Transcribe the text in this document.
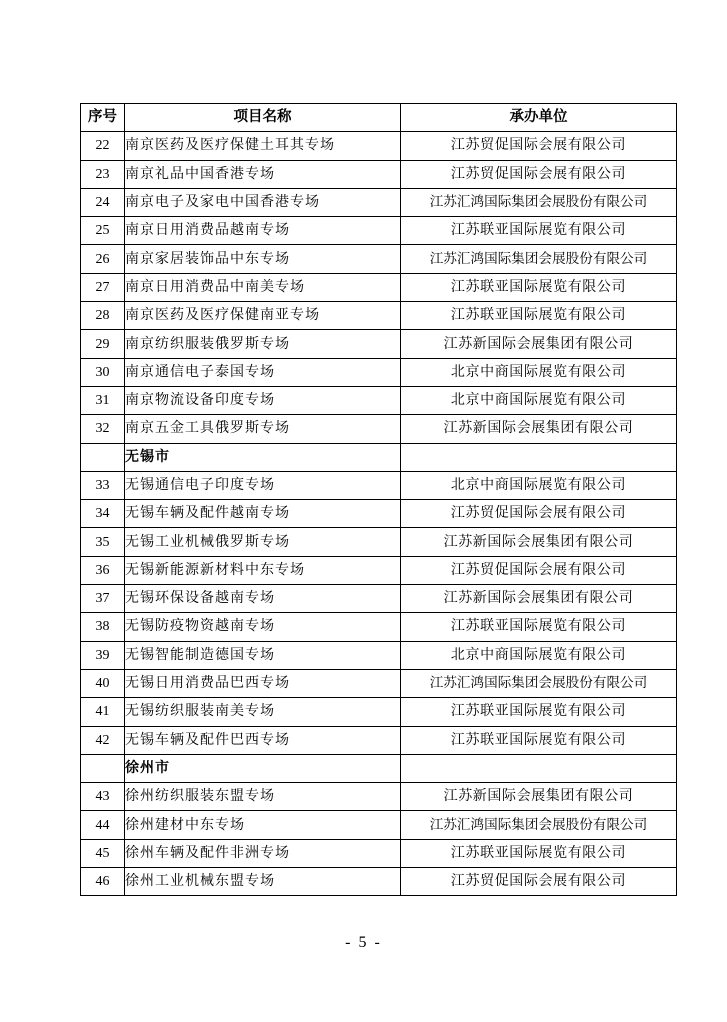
序号	项目名称	承办单位
22	南京医药及医疗保健土耳其专场	江苏贸促国际会展有限公司
23	南京礼品中国香港专场	江苏贸促国际会展有限公司
24	南京电子及家电中国香港专场	江苏汇鸿国际集团会展股份有限公司
25	南京日用消费品越南专场	江苏联亚国际展览有限公司
26	南京家居装饰品中东专场	江苏汇鸿国际集团会展股份有限公司
27	南京日用消费品中南美专场	江苏联亚国际展览有限公司
28	南京医药及医疗保健南亚专场	江苏联亚国际展览有限公司
29	南京纺织服装俄罗斯专场	江苏新国际会展集团有限公司
30	南京通信电子泰国专场	北京中商国际展览有限公司
31	南京物流设备印度专场	北京中商国际展览有限公司
32	南京五金工具俄罗斯专场	江苏新国际会展集团有限公司
	无锡市	
33	无锡通信电子印度专场	北京中商国际展览有限公司
34	无锡车辆及配件越南专场	江苏贸促国际会展有限公司
35	无锡工业机械俄罗斯专场	江苏新国际会展集团有限公司
36	无锡新能源新材料中东专场	江苏贸促国际会展有限公司
37	无锡环保设备越南专场	江苏新国际会展集团有限公司
38	无锡防疫物资越南专场	江苏联亚国际展览有限公司
39	无锡智能制造德国专场	北京中商国际展览有限公司
40	无锡日用消费品巴西专场	江苏汇鸿国际集团会展股份有限公司
41	无锡纺织服装南美专场	江苏联亚国际展览有限公司
42	无锡车辆及配件巴西专场	江苏联亚国际展览有限公司
	徐州市	
43	徐州纺织服装东盟专场	江苏新国际会展集团有限公司
44	徐州建材中东专场	江苏汇鸿国际集团会展股份有限公司
45	徐州车辆及配件非洲专场	江苏联亚国际展览有限公司
46	徐州工业机械东盟专场	江苏贸促国际会展有限公司
- 5 -
